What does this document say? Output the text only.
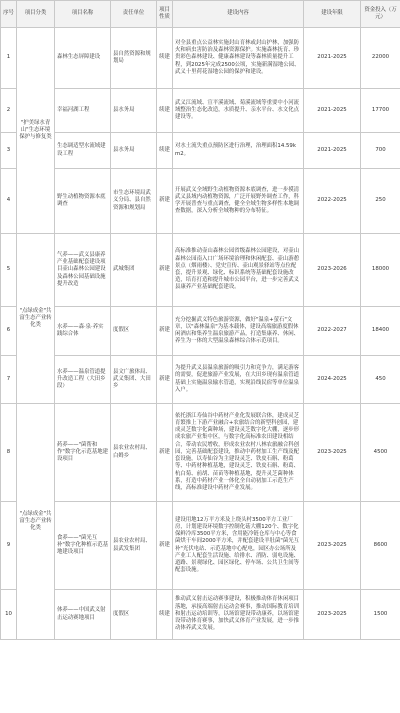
序号	项目分类	项目名称	责任单位	项目性质	建设内容	建设年限	资金投入（万元）
1	"护美绿水青山"生态环境保护与修复类	森林生态屏障建设	县自然资源和规划局	续建	对全县重点公益林实施封山育林或封山护林，加强防火和病虫害防治及森林资源保护。实施森林抚育、珍贵彩色森林建设、健康森林建设等森林质量提升工程，到2025年完成2500公顷，实施新满湿地公园、武义十里荷花湿地公园的保护和建设。	2021-2025	22000
2		幸福河湖工程	县水务局	续建	武义江流域、宣平溪流域、菊溪流域等重要中小河流域整治生态化改造，水质提升、亲水平台、水文化点建设等。	2021-2025	17700
3		生态调适型水流域建设工程	县水务局	续建	对水土流失重点预防区进行治理，治理面积14.59km2。	2021-2025	700
4		野生动植物资源本底调查	市生态环境局武义分局、县自然资源和规划局	新建	开展武义全域野生动植物资源本底调查，进一步摸清武义县域内动植物资源，广泛开展野外调查工作，科学开展普查与重点调查，健全全域生物多样性本地调查数据，深入分析全域物种的分布特征。	2022-2025	250
5	"点绿成金"共富生态产业转化类	气养——武义县康养产业基础配套建设项目壶山森林公园建设及森林公园基础设施提升改造	武城集团	新建	高标准推动壶山森林公园省级森林公园建设，对壶山森林公园南入口广场环境治理和休闲配套、壶山游憩景点（烟雨楼）、党史宣传、壶山观景驿站等点位配套，提升景观、绿化、标识系统等基础配套设施改造，培育打造和提升城市公园平台，进一步完善武义县康养产业基础配套建设。	2023-2026	18000
6		水养——森·泉·养实践综合体	度假区	新建	充分挖掘武义特色旅游资源，做好"温泉+萤石"文章，以"森林温泉"为基本载体，建设高端旅游度假休闲酒店和集养生温泉旅游产品，打造集康养、休闲、养生为一体的大型温泉森林综合体示范项目。	2022-2027	18400
7		水养——温泉管道提升改造工程（大田乡段）	县文广旅体局、武义集团、大田乡	新建	为提升武义县温泉旅游的吸引力和竞争力，满足游客的需要，促进旅游产业发展，在大田乡现有温泉管道基础上实施温泉输水管道，实现沿线民宿等单位温泉入户。	2024-2025	450
8	"点绿成金"共富生态产业转化类	药养——"菌帮和作"数字化示范基地建设项目	县农业农村局、白姆乡	新建	依托浙江寿仙谷中药材产业化发展联合体，建成灵芝育繁推上下游产业融合+农旅结合的新型科创园，建成灵芝数字化菌种场，建设灵芝数字化大棚，逐步形成农旅产业集中区，与数字化高标准农田建设相结合，带动农民增收，形成农业农村八林农旅融合科创园，完善基础配套建设，推动中药材加工生产线及配套设施，以寿仙谷为主建设灵芝、铁皮石斛、粉葛等、中药材种植基地，建设灵芝、铁皮石斛、粉葛、杭白菊、前胡、苗苗等种植基地，提升灵芝菌种体系，打造中药材产业一体化全自动初加工示范生产线，高标准建设中药材产业发展。	2023-2025	4500
9		食养——"菌光互补"数字化种植示范基地建设项目	县农业农村局、县武发集团	新建	建设用地12万平方米及上绕头村3500平方工业厂房，计划建设环境数字控制化菇大棚120个、数字化保鲜冷库3500平方米，含用能冷链仓库与中心等食菌烘干车间2000平方米，并配套建设羊肚菌"菌光互补"光伏电站、示范基地中心配电，园区办公场所及产业工人配套生活设施、给排水、消防、弱电设施、道路、景观绿化、园区绿化、停车场、公共卫生间等配套设施。	2023-2025	8600
10		体养——中国武义射击运动赛地项目	度假区	续建	推动武义射击运动赛事建设，积极推动体育休闲项目落地，承接高端射击运动会赛事，推动国际教育培训和射击运动培训等，以场馆建设带动康养，以场馆建设带动体育赛事，加快武义体育产业发展，进一步推动体养武义发展。	2023-2025	1500
